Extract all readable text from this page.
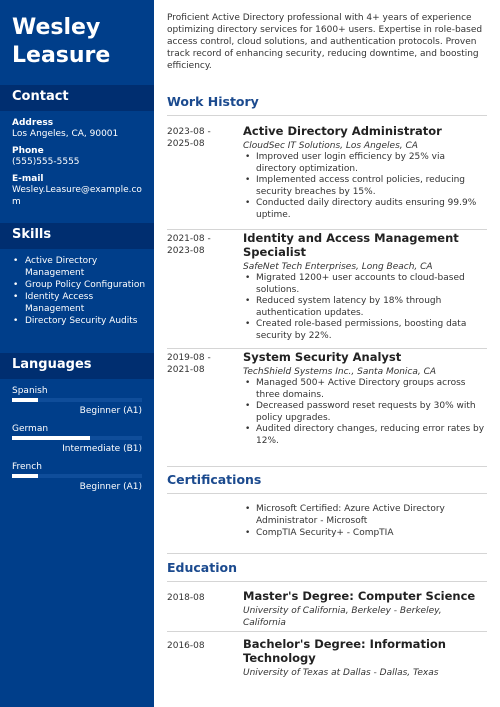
Wesley
Leasure
Contact
Address
Los Angeles, CA, 90001
Phone
(555)555-5555
E-mail
Wesley.Leasure@example.com
Skills
• Active Directory Management
• Group Policy Configuration
• Identity Access Management
• Directory Security Audits
Languages
Spanish
Beginner (A1)
German
Intermediate (B1)
French
Beginner (A1)
Proficient Active Directory professional with 4+ years of experience optimizing directory services for 1600+ users. Expertise in role-based access control, cloud solutions, and authentication protocols. Proven track record of enhancing security, reducing downtime, and boosting efficiency.
Work History
2023-08 -
2025-08
Active Directory Administrator
CloudSec IT Solutions, Los Angeles, CA
• Improved user login efficiency by 25% via directory optimization.
• Implemented access control policies, reducing security breaches by 15%.
• Conducted daily directory audits ensuring 99.9% uptime.
2021-08 -
2023-08
Identity and Access Management Specialist
SafeNet Tech Enterprises, Long Beach, CA
• Migrated 1200+ user accounts to cloud-based solutions.
• Reduced system latency by 18% through authentication updates.
• Created role-based permissions, boosting data security by 22%.
2019-08 -
2021-08
System Security Analyst
TechShield Systems Inc., Santa Monica, CA
• Managed 500+ Active Directory groups across three domains.
• Decreased password reset requests by 30% with policy upgrades.
• Audited directory changes, reducing error rates by 12%.
Certifications
• Microsoft Certified: Azure Active Directory Administrator - Microsoft
• CompTIA Security+ - CompTIA
Education
2018-08	Master's Degree: Computer Science
University of California, Berkeley - Berkeley, California
2016-08	Bachelor's Degree: Information Technology
University of Texas at Dallas - Dallas, Texas
